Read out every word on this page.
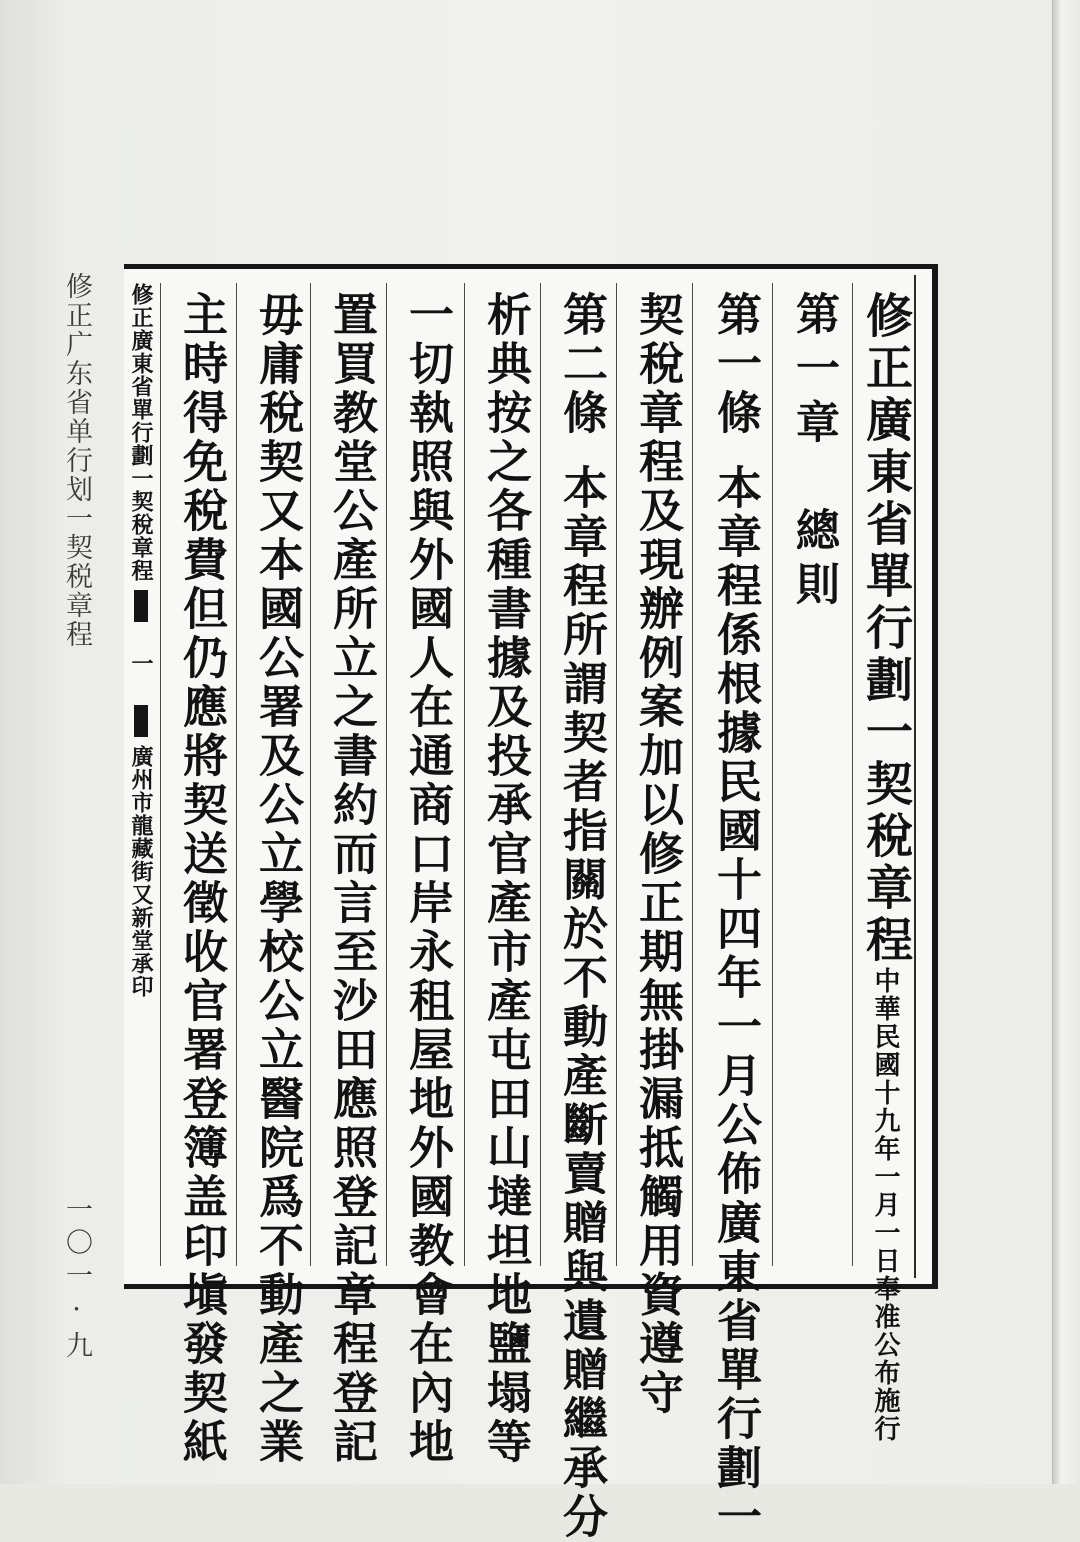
修正广东省单行划一契税章程
一〇一·九
修正廣東省單行劃一契稅章程中華民國十九年一月一日奉准公布施行
第一章　總則
第一條本章程係根據民國十四年一月公佈廣東省單行劃一
契稅章程及現辦例案加以修正期無掛漏抵觸用資遵守
第二條本章程所謂契者指關於不動產斷賣贈與遺贈繼承分
析典按之各種書據及投承官產市產屯田山墶坦地鹽塌等
一切執照與外國人在通商口岸永租屋地外國教會在內地
置買教堂公產所立之書約而言至沙田應照登記章程登記
毋庸稅契又本國公署及公立學校公立醫院爲不動產之業
主時得免稅費但仍應將契送徵收官署登簿盖印塡發契紙
修正廣東省單行劃一契稅章程一廣州市龍藏街又新堂承印
